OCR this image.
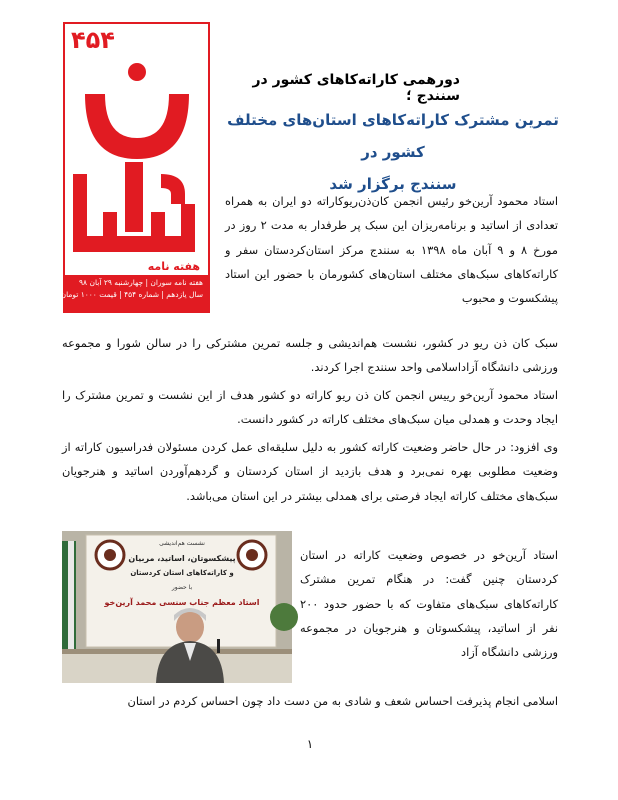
۴۵۴
هفته نامه
هفته نامه سوران | چهارشنبه ۲۹ آبان ۹۸
سال یازدهم | شماره ۴۵۴ | قیمت ۱۰۰۰ تومان
دورهمی کاراته‌کاهای کشور در سنندج ؛
تمرین مشترک کاراته‌کاهای استان‌های مختلف کشور در
سنندج برگزار شد

استاد محمود آرین‌خو رئیس انجمن کان‌ذن‌ریوکاراته دو ایران به همراه تعدادی از اساتید و برنامه‌ریزان این سبک پر طرفدار به مدت ۲ روز در مورخ ۸ و ۹ آبان ماه ۱۳۹۸ به سنندج مرکز استان‌کردستان سفر و کاراته‌کاهای سبک‌های مختلف استان‌های کشورمان با حضور این استاد پیشکسوت و محبوب

سبک کان ذن ریو در کشور، نشست هم‌اندیشی و جلسه تمرین مشترکی را در سالن شورا و مجموعه ورزشی دانشگاه آزاداسلامی واحد سنندج اجرا کردند.

استاد محمود آرین‌خو رییس انجمن کان ذن ریو کاراته دو کشور هدف از این نشست و تمرین مشترک را ایجاد وحدت و همدلی میان سبک‌های مختلف کاراته در کشور دانست.

وی افزود: در حال حاضر وضعیت کاراته کشور به دلیل سلیقه‌ای عمل کردن مسئولان فدراسیون کاراته از وضعیت مطلوبی بهره نمی‌برد و هدف بازدید از استان کردستان و گردهم‌آوردن اساتید و هنرجویان سبک‌های مختلف کاراته ایجاد فرصتی برای همدلی بیشتر در این استان می‌باشد.

استاد آرین‌خو در خصوص وضعیت کاراته در استان کردستان چنین گفت: در هنگام تمرین مشترک کاراته‌کاهای سبک‌های متفاوت که با حضور حدود ۲۰۰ نفر از اساتید، پیشکسوتان و هنرجویان در مجموعه ورزشی دانشگاه آزاد

نشست هم‌اندیشی
پیشکسوتان، اساتید، مربیان
و کاراته‌کاهای استان کردستان
با حضور
استاد معظم جناب سنسی محمد آرین‌خو

اسلامی انجام پذیرفت احساس شعف و شادی به من دست داد چون احساس کردم در استان

۱
